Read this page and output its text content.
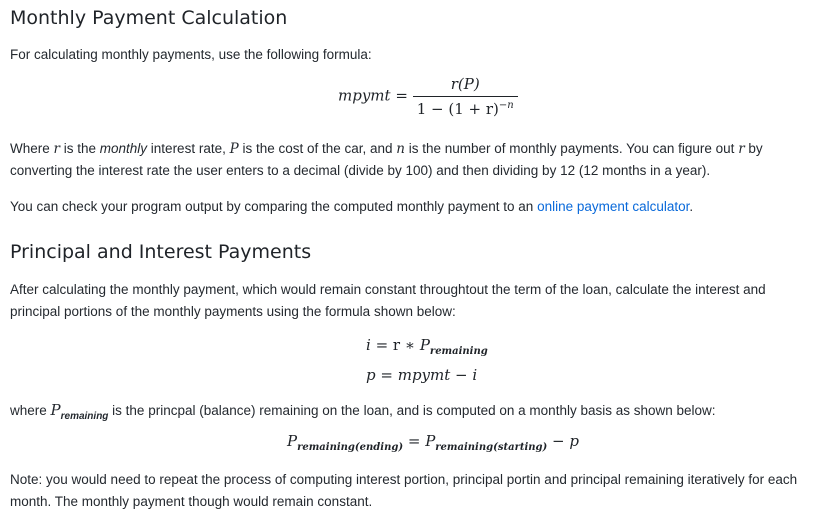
Monthly Payment Calculation

For calculating monthly payments, use the following formula:

mpymt = $\frac{r(P)}{1 - (1 + r)^{-n}}$

Where r is the monthly interest rate, P is the cost of the car, and n is the number of monthly payments. You can figure out r by converting the interest rate the user enters to a decimal (divide by 100) and then dividing by 12 (12 months in a year).

You can check your program output by comparing the computed monthly payment to an online payment calculator.

Principal and Interest Payments

After calculating the monthly payment, which would remain constant throughtout the term of the loan, calculate the interest and principal portions of the monthly payments using the formula shown below:

i = r ∗ $P_{remaining}$
p = mpymt − i

where $P_{remaining}$ is the princpal (balance) remaining on the loan, and is computed on a monthly basis as shown below:

$P_{remaining(ending)} = P_{remaining(starting)} - p$

Note: you would need to repeat the process of computing interest portion, principal portin and principal remaining iteratively for each month. The monthly payment though would remain constant.
